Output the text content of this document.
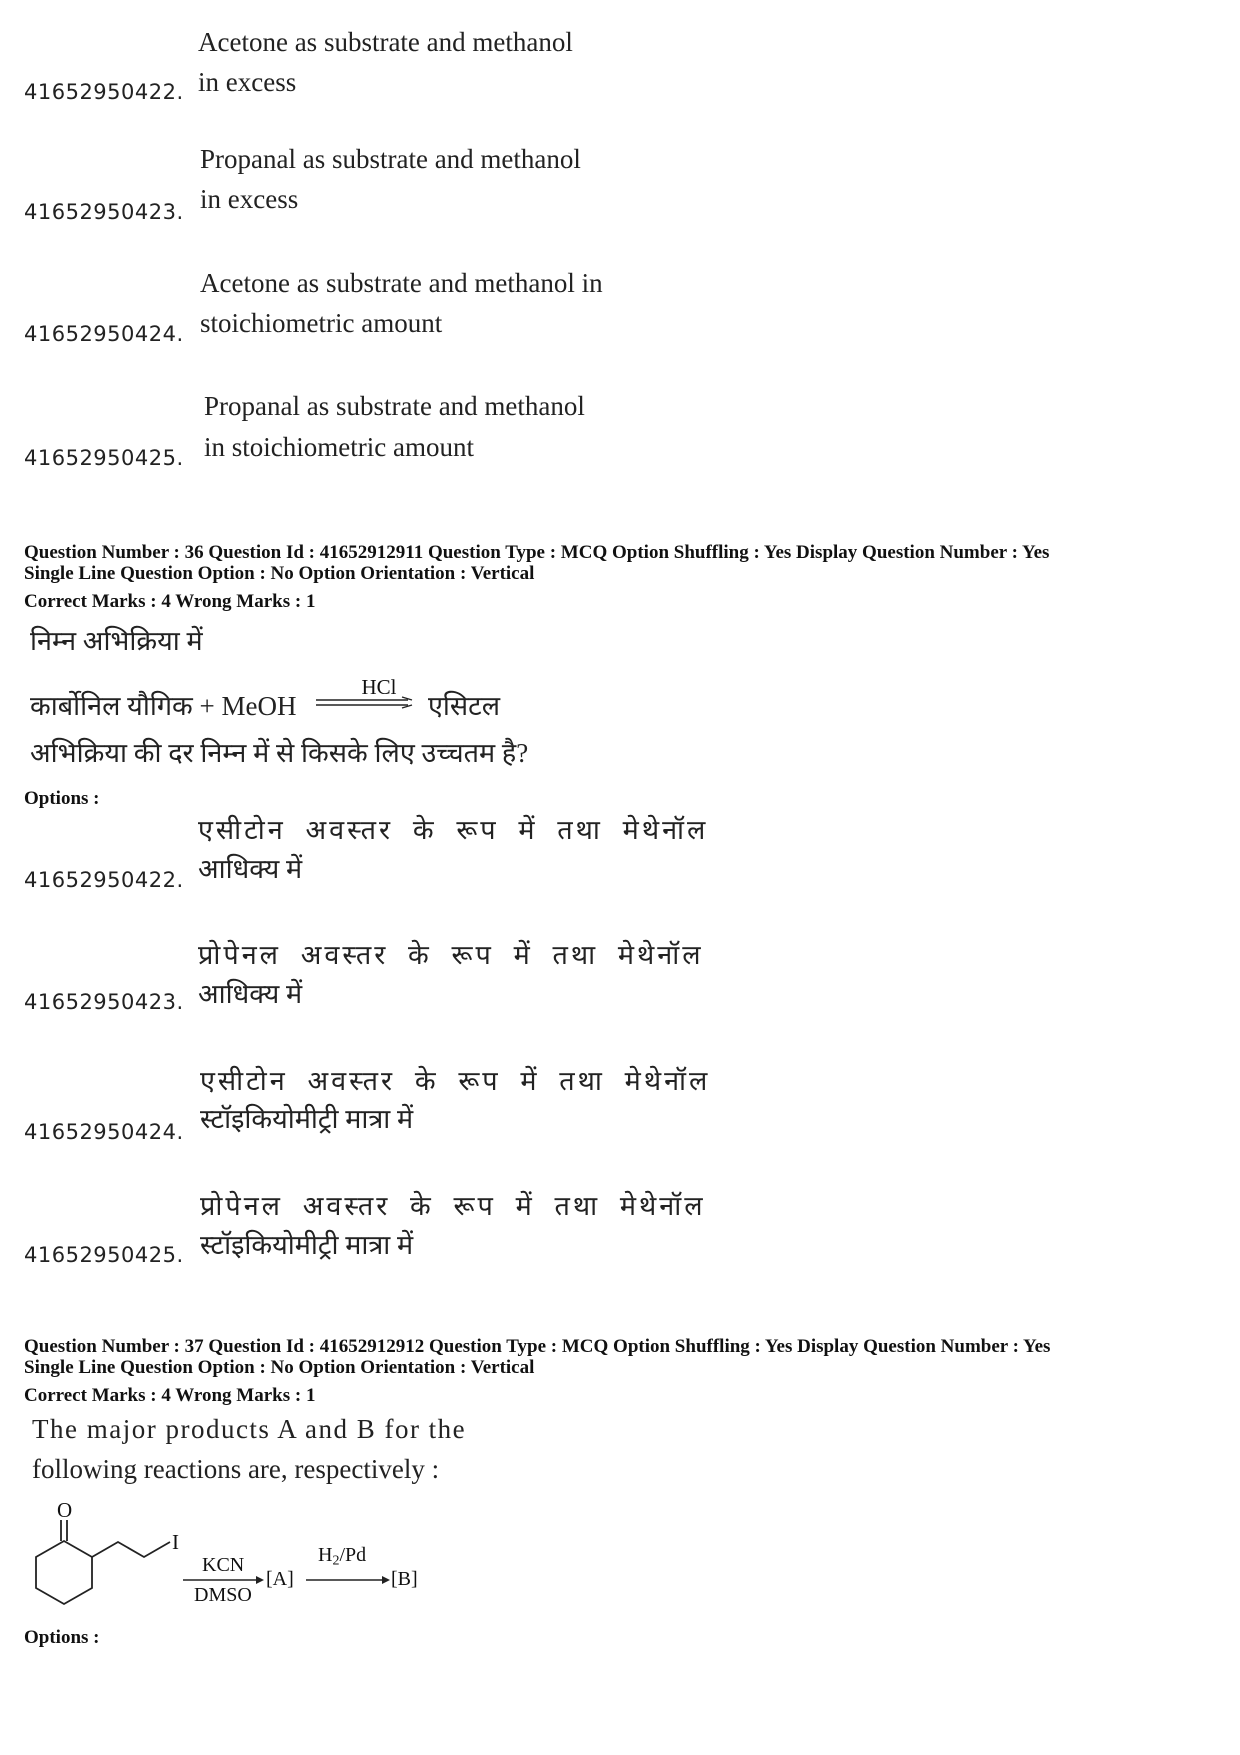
Acetone as substrate and methanol
in excess
41652950422.
Propanal as substrate and methanol
in excess
41652950423.
Acetone as substrate and methanol in
stoichiometric amount
41652950424.
Propanal as substrate and methanol
in stoichiometric amount
41652950425.
Question Number : 36 Question Id : 41652912911 Question Type : MCQ Option Shuffling : Yes Display Question Number : Yes
Single Line Question Option : No Option Orientation : Vertical
Correct Marks : 4 Wrong Marks : 1
निम्न अभिक्रिया में
कार्बोनिल यौगिक + MeOH
HCl
एसिटल
अभिक्रिया की दर निम्न में से किसके लिए उच्चतम है?
Options :
एसीटोन अवस्तर के रूप में तथा मेथेनॉल
आधिक्य में
41652950422.
प्रोपेनल अवस्तर के रूप में तथा मेथेनॉल
आधिक्य में
41652950423.
एसीटोन अवस्तर के रूप में तथा मेथेनॉल
स्टॉइकियोमीट्री मात्रा में
41652950424.
प्रोपेनल अवस्तर के रूप में तथा मेथेनॉल
स्टॉइकियोमीट्री मात्रा में
41652950425.
Question Number : 37 Question Id : 41652912912 Question Type : MCQ Option Shuffling : Yes Display Question Number : Yes
Single Line Question Option : No Option Orientation : Vertical
Correct Marks : 4 Wrong Marks : 1
The major products A and B for the
following reactions are, respectively :
O
I
KCN
DMSO
[A]
$H_2/Pd$
[B]
Options :
